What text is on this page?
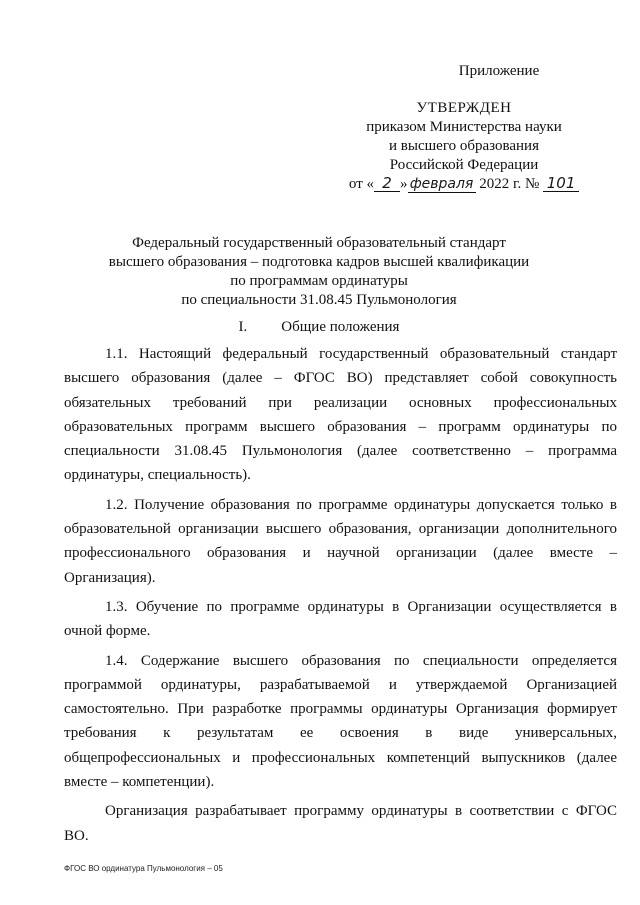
Приложение
УТВЕРЖДЕН
приказом Министерства науки
и высшего образования
Российской Федерации
от « 2 » февраля 2022 г. № 101
Федеральный государственный образовательный стандарт
высшего образования – подготовка кадров высшей квалификации
по программам ординатуры
по специальности 31.08.45 Пульмонология
I. Общие положения

1.1. Настоящий федеральный государственный образовательный стандарт высшего образования (далее – ФГОС ВО) представляет собой совокупность обязательных требований при реализации основных профессиональных образовательных программ высшего образования – программ ординатуры по специальности 31.08.45 Пульмонология (далее соответственно – программа ординатуры, специальность).

1.2. Получение образования по программе ординатуры допускается только в образовательной организации высшего образования, организации дополнительного профессионального образования и научной организации (далее вместе – Организация).

1.3. Обучение по программе ординатуры в Организации осуществляется в очной форме.

1.4. Содержание высшего образования по специальности определяется программой ординатуры, разрабатываемой и утверждаемой Организацией самостоятельно. При разработке программы ординатуры Организация формирует требования к результатам ее освоения в виде универсальных, общепрофессиональных и профессиональных компетенций выпускников (далее вместе – компетенции).

Организация разрабатывает программу ординатуры в соответствии с ФГОС ВО.

ФГОС ВО ординатура Пульмонология – 05
